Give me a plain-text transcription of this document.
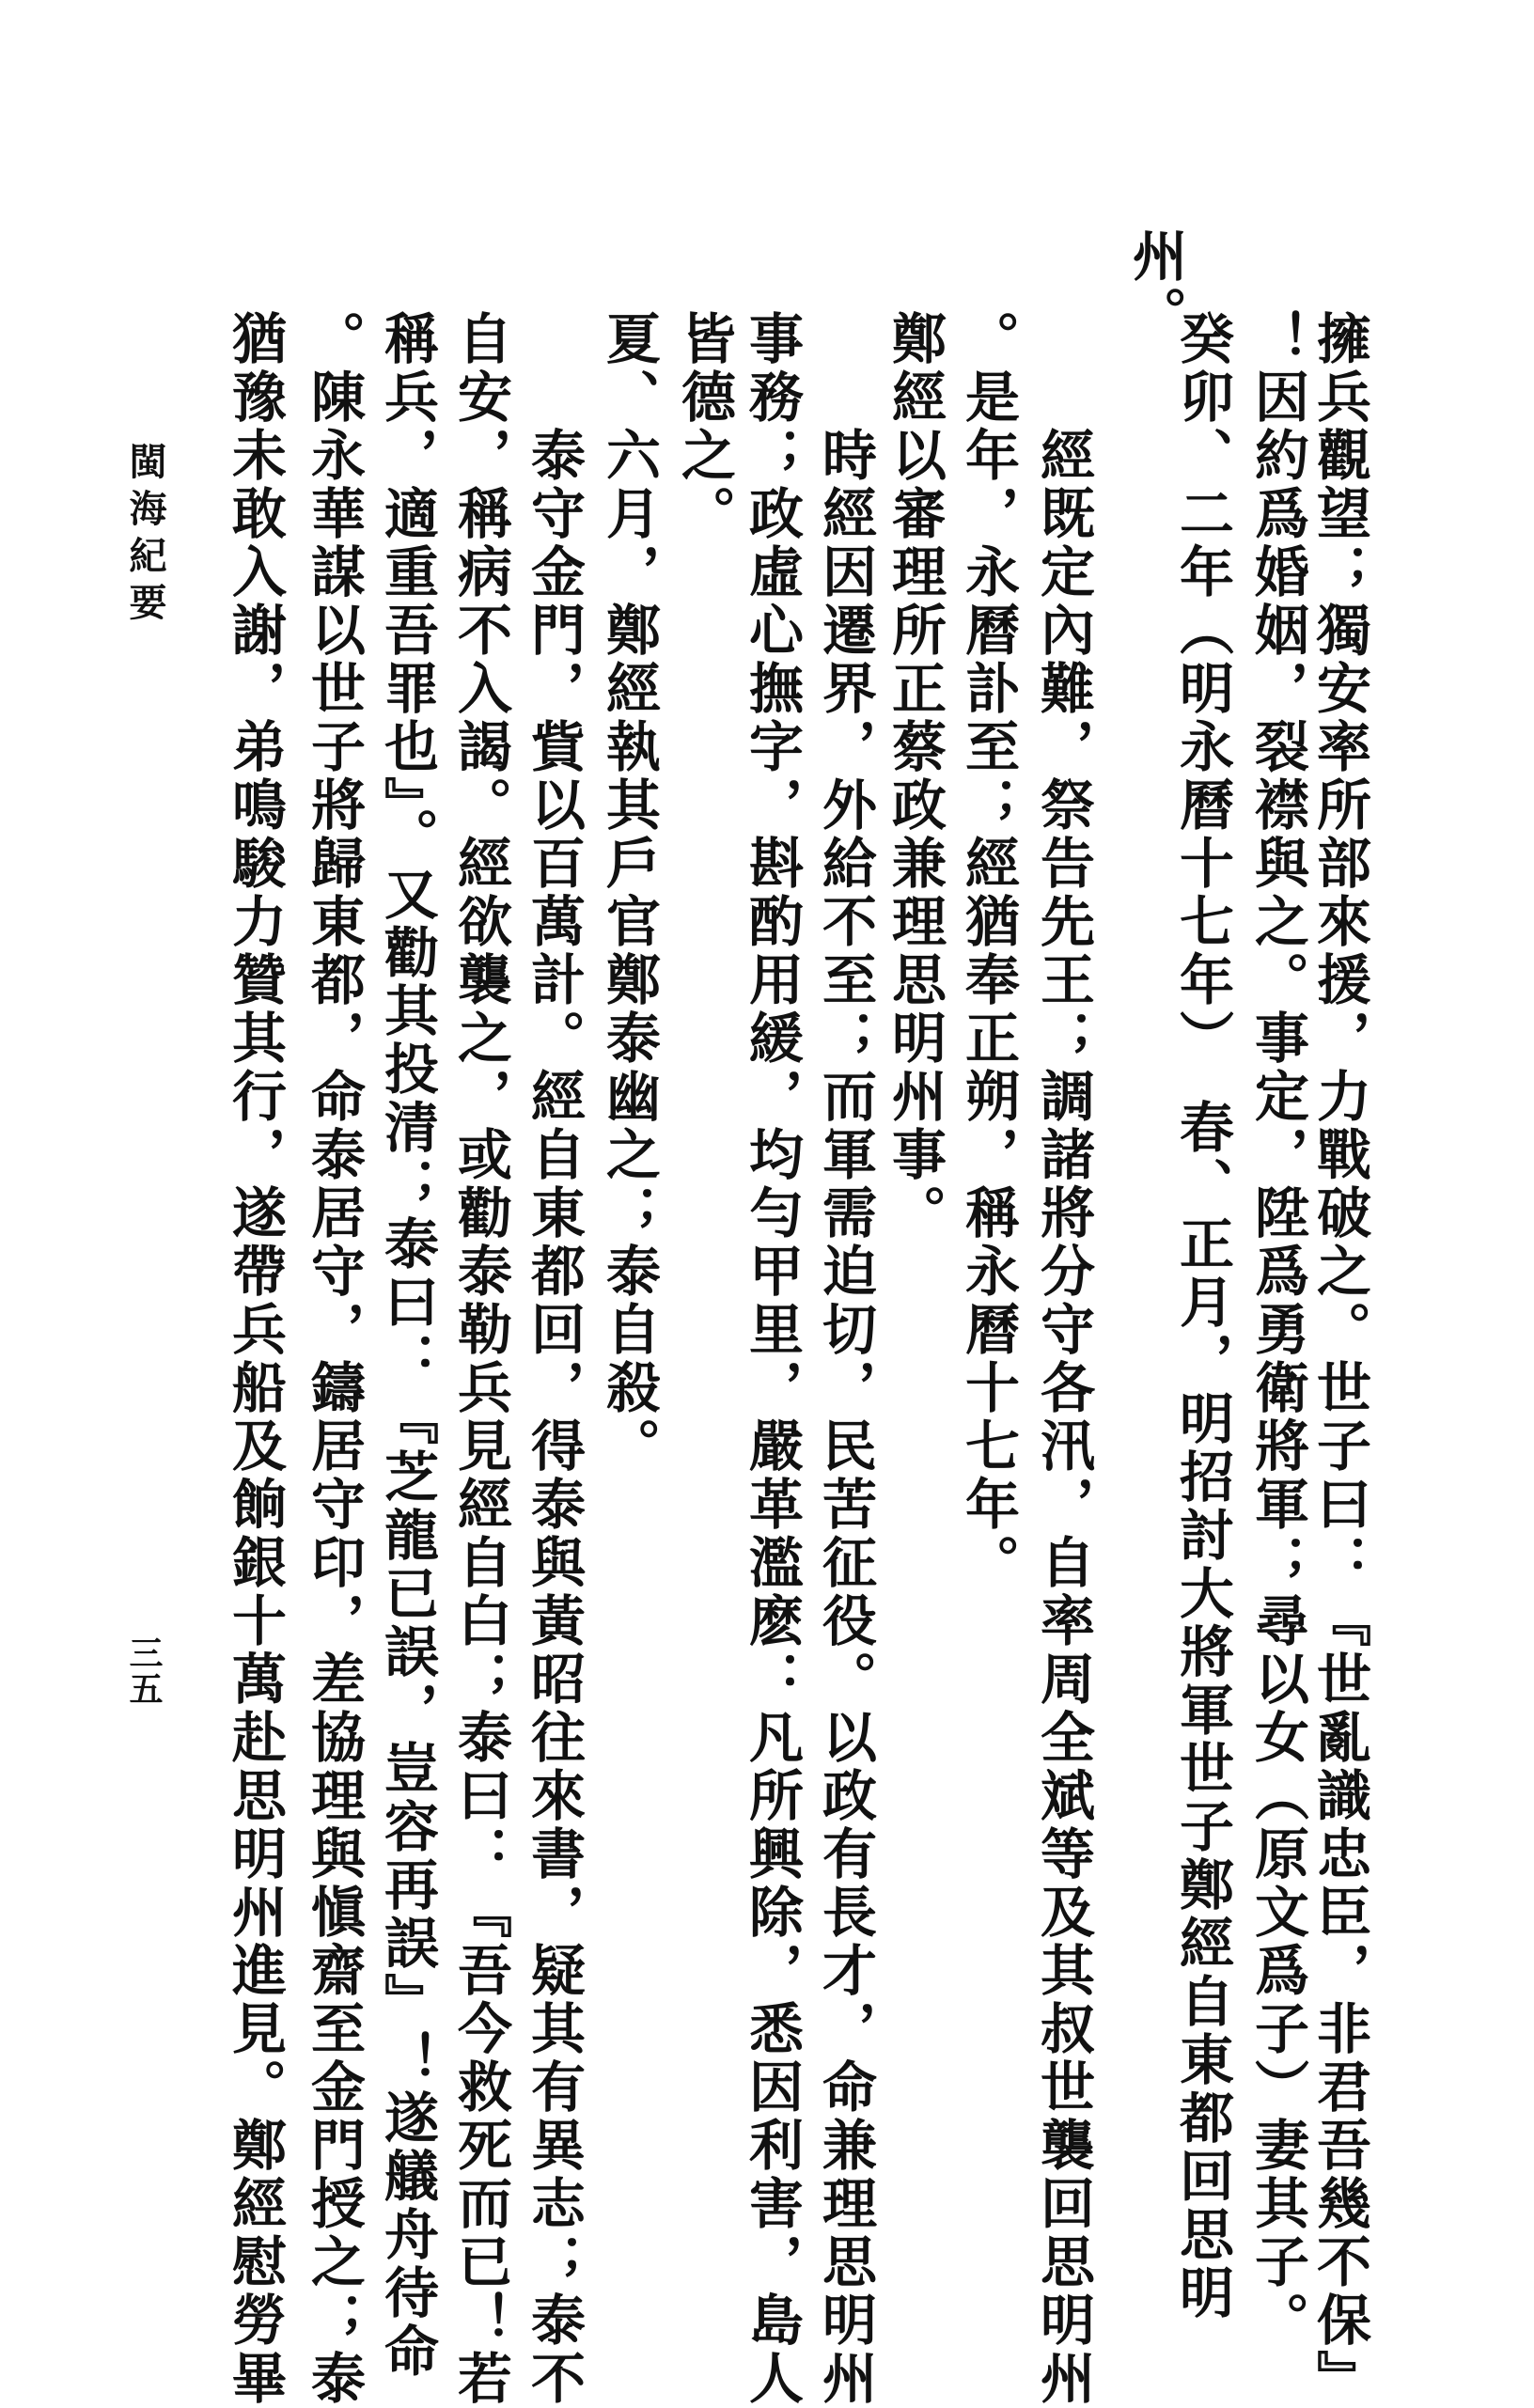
州。
擁兵觀望；獨安率所部來援，力戰破之。世子曰：『世亂識忠臣，非君吾幾不保』
！因約爲婚姻，裂襟與之。事定，陞爲勇衛將軍；尋以女（原文爲子）妻其子。
癸卯、二年（明永曆十七年）　春、正月，明招討大將軍世子鄭經自東都回思明
　　經既定內難，祭告先王；調諸將分守各汛，自率周全斌等及其叔世襲回思明州
。是年，永曆訃至；經猶奉正朔，稱永曆十七年。
鄭經以審理所正蔡政兼理思明州事。
　　時經因遷界，外給不至；而軍需迫切，民苦征役。以政有長才，命兼理思明州
事務；政虛心撫字，斟酌用緩，均勻甲里，嚴革濫麽：凡所興除，悉因利害，島人
皆德之。
夏、六月，鄭經執其戶官鄭泰幽之；泰自殺。
　　泰守金門，貲以百萬計。經自東都回，得泰與黃昭往來書，疑其有異志；泰不
自安，稱病不入謁。經欲襲之，或勸泰勒兵見經自白；泰曰：『吾今救死而已！若
稱兵，適重吾罪也』。又勸其投清；泰曰：『芝龍已誤，豈容再誤』！遂艤舟待命
。陳永華謀以世子將歸東都，命泰居守，鑄居守印，差協理與愼齋至金門授之；泰
猶豫未敢入謝，弟鳴駿力贊其行，遂帶兵船及餉銀十萬赴思明州進見。鄭經慰勞畢
閩海紀要
三五
